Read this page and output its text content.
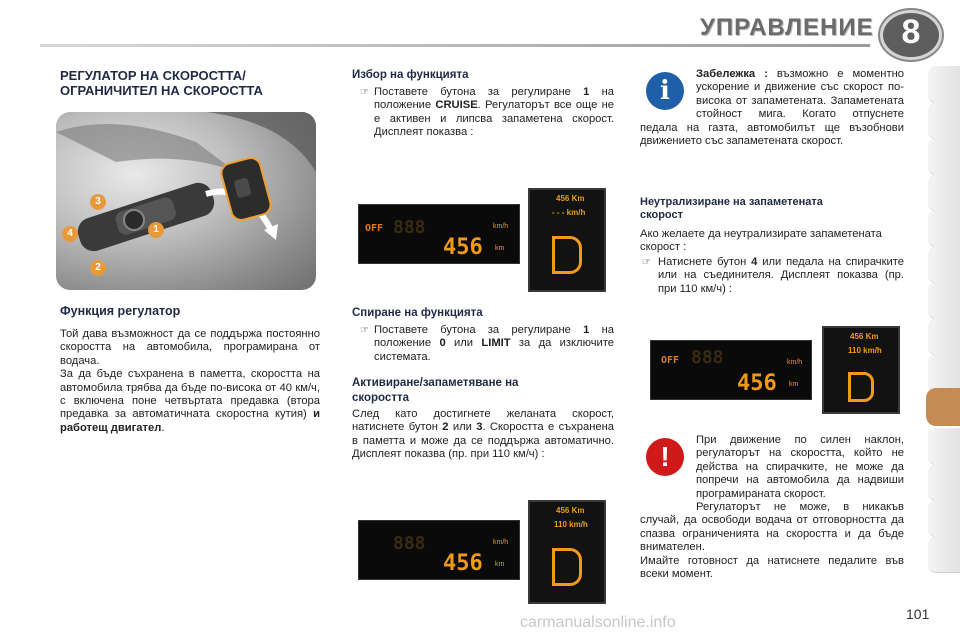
УПРАВЛЕНИЕ 8
РЕГУЛАТОР НА СКОРОСТТА/
ОГРАНИЧИТЕЛ НА СКОРОСТТА
3
4	1
2
Функция регулатор
Той дава възможност да се поддържа постоянно скоростта на автомобила, програмирана от водача.
За да бъде съхранена в паметта, скоростта на автомобила трябва да бъде по-висока от 40 км/ч, с включена поне четвъртата предавка (втора предавка за автоматичната скоростна кутия) и работещ двигател.
Избор на функцията
☞ Поставете бутона за регулиране 1 на положение CRUISE. Регулаторът все още не е активен и липсва запаметена скорост. Дисплеят показва :
OFF 888
456
km/h
km
456 Km
- - - km/h
Спиране на функцията
☞ Поставете бутона за регулиране 1 на положение 0 или LIMIT за да изключите системата.
Активиране/запаметяване на
скоростта
След като достигнете желаната скорост, натиснете бутон 2 или 3. Скоростта е съхранена в паметта и може да се поддържа автоматично. Дисплеят показва (пр. при 110 км/ч) :
888
456
km/h
km
456 Km
110 km/h
i
Забележка : възможно е моментно ускорение и движение със скорост по-висока от запаметената. Запаметената стойност мига. Когато отпуснете педала на газта, автомобилът ще възобнови движението със запаметената скорост.
Неутрализиране на запаметената
скорост
Ако желаете да неутрализирате запаметената скорост :
☞ Натиснете бутон 4 или педала на спирачките или на съединителя. Дисплеят показва (пр. при 110 км/ч) :
OFF 888
456
km/h
km
456 Km
110 km/h
!
При движение по силен наклон, регулаторът на скоростта, който не действа на спирачките, не може да попречи на автомобила да надвиши програмираната скорост.
Регулаторът не може, в никакъв случай, да освободи водача от отговорността да спазва ограниченията на скоростта и да бъде внимателен.
Имайте готовност да натиснете педалите във всеки момент.
carmanualsonline.info	101
